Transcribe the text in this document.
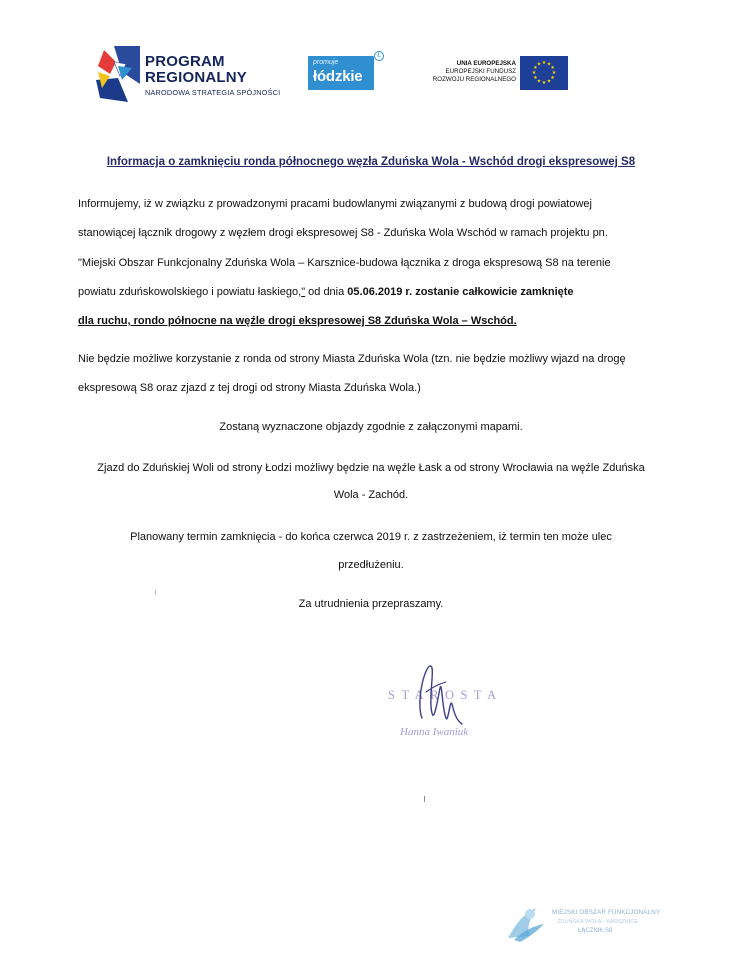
PROGRAM
REGIONALNY
NARODOWA STRATEGIA SPÓJNOŚCI
promuje
łódzkie
Ł
UNIA EUROPEJSKA
EUROPEJSKI FUNDUSZ
ROZWOJU REGIONALNEGO
★ ★
★
★
★
★
★
★
★
★
★
★
Informacja o zamknięciu ronda północnego węzła Zduńska Wola - Wschód drogi ekspresowej S8
Informujemy, iż w związku z prowadzonymi pracami budowlanymi związanymi z budową drogi powiatowej
stanowiącej łącznik drogowy z węzłem drogi ekspresowej S8 - Zduńska Wola Wschód w ramach projektu pn.
"Miejski Obszar Funkcjonalny Zduńska Wola – Karsznice-budowa łącznika z droga ekspresową S8 na terenie
powiatu zduńskowolskiego i powiatu łaskiego," od dnia 05.06.2019 r. zostanie całkowicie zamknięte
dla ruchu, rondo północne na węźle drogi ekspresowej S8 Zduńska Wola – Wschód.
Nie będzie możliwe korzystanie z ronda od strony Miasta Zduńska Wola (tzn. nie będzie możliwy wjazd na drogę
ekspresową S8 oraz zjazd z tej drogi od strony Miasta Zduńska Wola.)
Zostaną wyznaczone objazdy zgodnie z załączonymi mapami.
Zjazd do Zduńskiej Woli od strony Łodzi możliwy będzie na węźle Łask a od strony Wrocławia na węźle Zduńska
Wola - Zachód.
Planowany termin zamknięcia - do końca czerwca 2019 r. z zastrzeżeniem, iż termin ten może ulec
przedłużeniu.
Za utrudnienia przepraszamy.
STAROSTA
Hanna Iwaniuk
MIEJSKI OBSZAR FUNKCJONALNY
ZDUŃSKA WOLA - KARSZNICE
ŁĄCZNIK S8
